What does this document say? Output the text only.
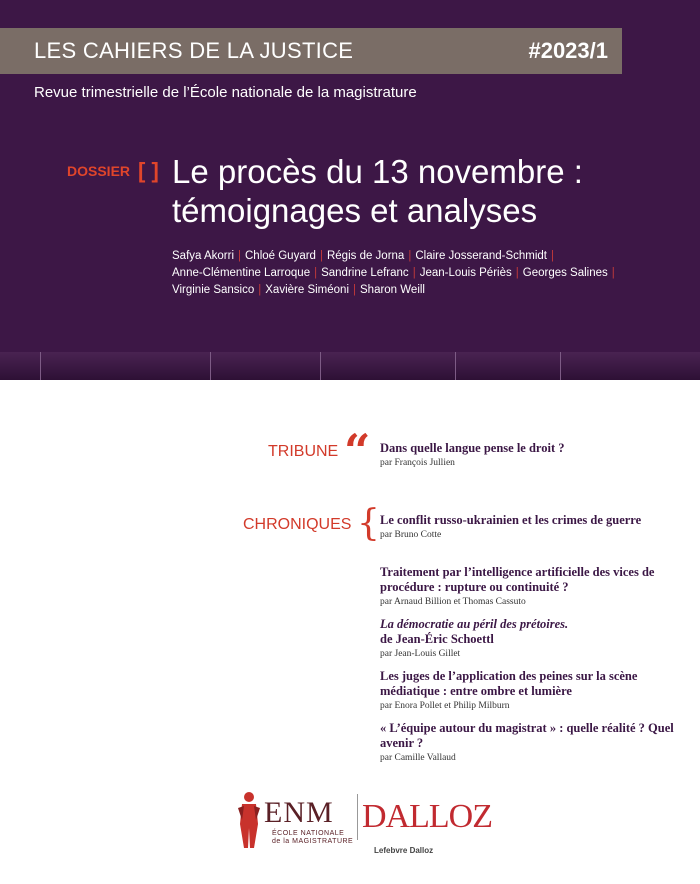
LES CAHIERS DE LA JUSTICE	#2023/1
Revue trimestrielle de l’École nationale de la magistrature
DOSSIER [ ] Le procès du 13 novembre :
témoignages et analyses
Safya Akorri | Chloé Guyard | Régis de Jorna | Claire Josserand-Schmidt |
Anne-Clémentine Larroque | Sandrine Lefranc | Jean-Louis Périès | Georges Salines |
Virginie Sansico | Xavière Siméoni | Sharon Weill
TRIBUNE “ Dans quelle langue pense le droit ?

par François Jullien
CHRONIQUES { Le conflit russo-ukrainien et les crimes de guerre

par Bruno Cotte

Traitement par l’intelligence artificielle des vices de procédure : rupture ou continuité ?

par Arnaud Billion et Thomas Cassuto

La démocratie au péril des prétoires.
de Jean-Éric Schoettl

par Jean-Louis Gillet

Les juges de l’application des peines sur la scène médiatique : entre ombre et lumière

par Enora Pollet et Philip Milburn

« L’équipe autour du magistrat » : quelle réalité ? Quel avenir ?

par Camille Vallaud
ENM
ÉCOLE NATIONALE
de la MAGISTRATURE
DALLOZ
Lefebvre Dalloz
